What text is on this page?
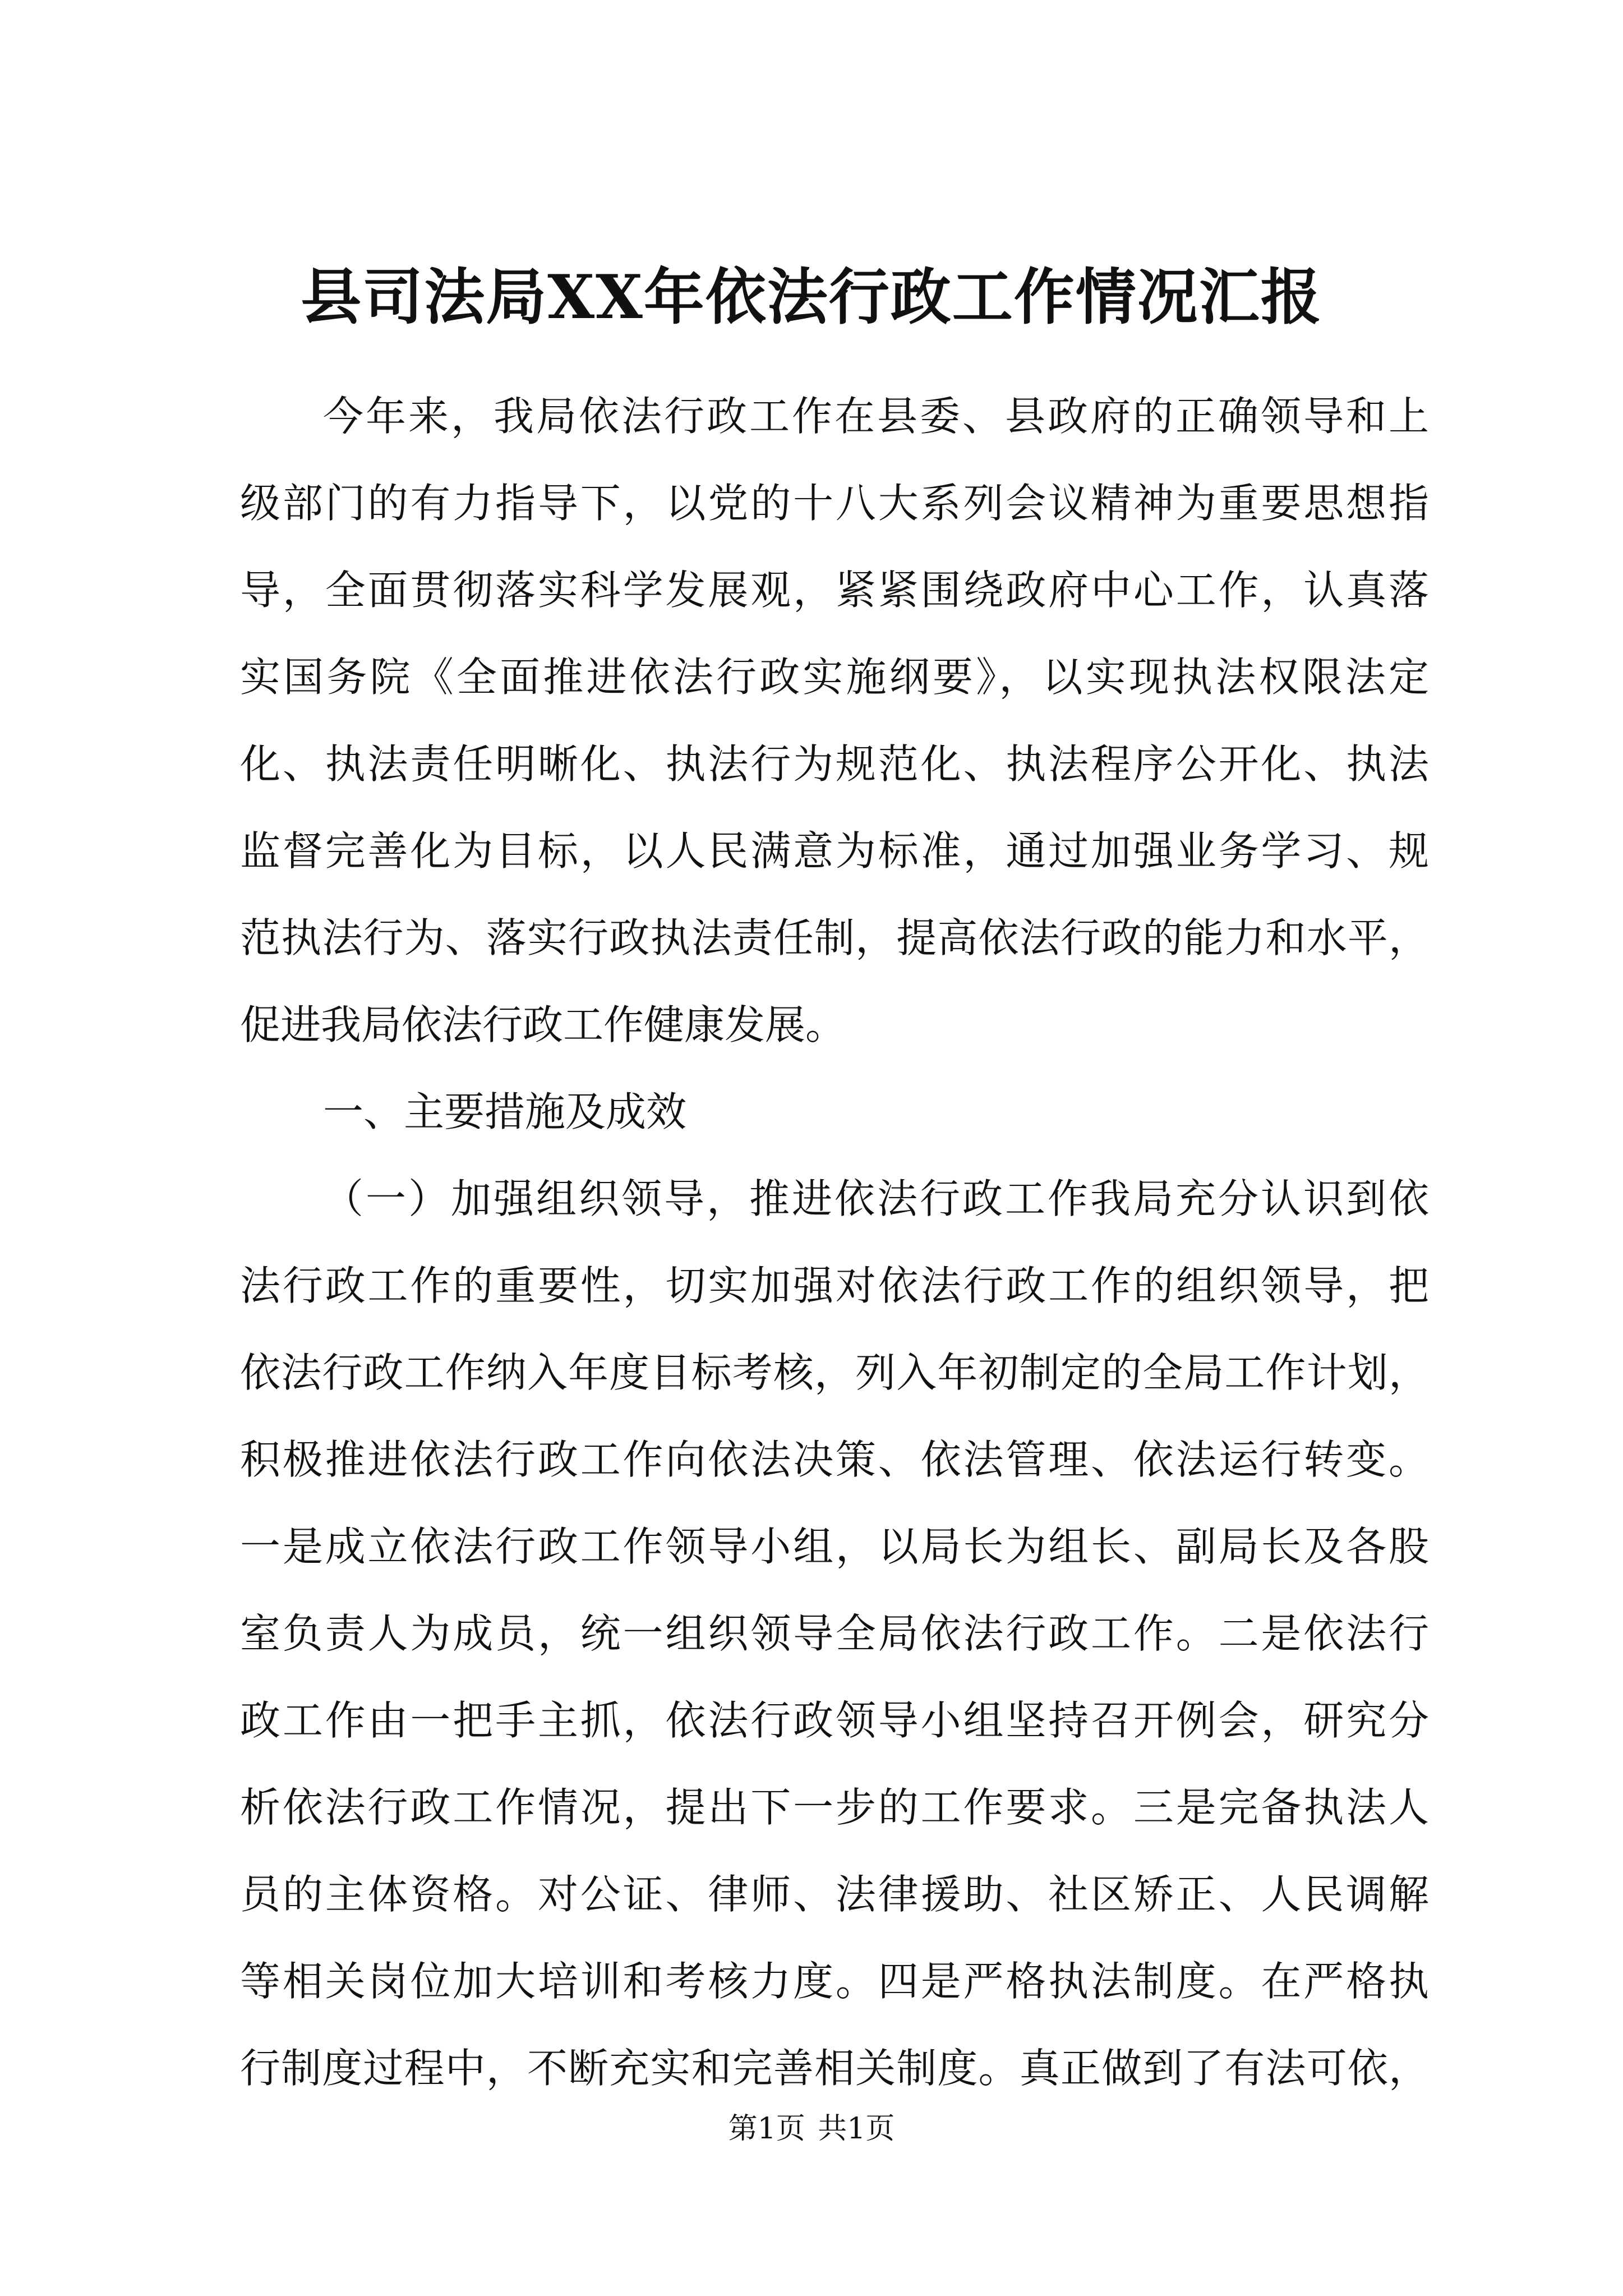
县司法局XX年依法行政工作情况汇报
今年来，我局依法行政工作在县委、县政府的正确领导和上
级部门的有力指导下，以党的十八大系列会议精神为重要思想指
导，全面贯彻落实科学发展观，紧紧围绕政府中心工作，认真落
实国务院《全面推进依法行政实施纲要》，以实现执法权限法定
化、执法责任明晰化、执法行为规范化、执法程序公开化、执法
监督完善化为目标，以人民满意为标准，通过加强业务学习、规
范执法行为、落实行政执法责任制，提高依法行政的能力和水平，
促进我局依法行政工作健康发展。
一、主要措施及成效
（一）加强组织领导，推进依法行政工作我局充分认识到依
法行政工作的重要性，切实加强对依法行政工作的组织领导，把
依法行政工作纳入年度目标考核，列入年初制定的全局工作计划，
积极推进依法行政工作向依法决策、依法管理、依法运行转变。
一是成立依法行政工作领导小组，以局长为组长、副局长及各股
室负责人为成员，统一组织领导全局依法行政工作。二是依法行
政工作由一把手主抓，依法行政领导小组坚持召开例会，研究分
析依法行政工作情况，提出下一步的工作要求。三是完备执法人
员的主体资格。对公证、律师、法律援助、社区矫正、人民调解
等相关岗位加大培训和考核力度。四是严格执法制度。在严格执
行制度过程中，不断充实和完善相关制度。真正做到了有法可依，
第1页 共1页
